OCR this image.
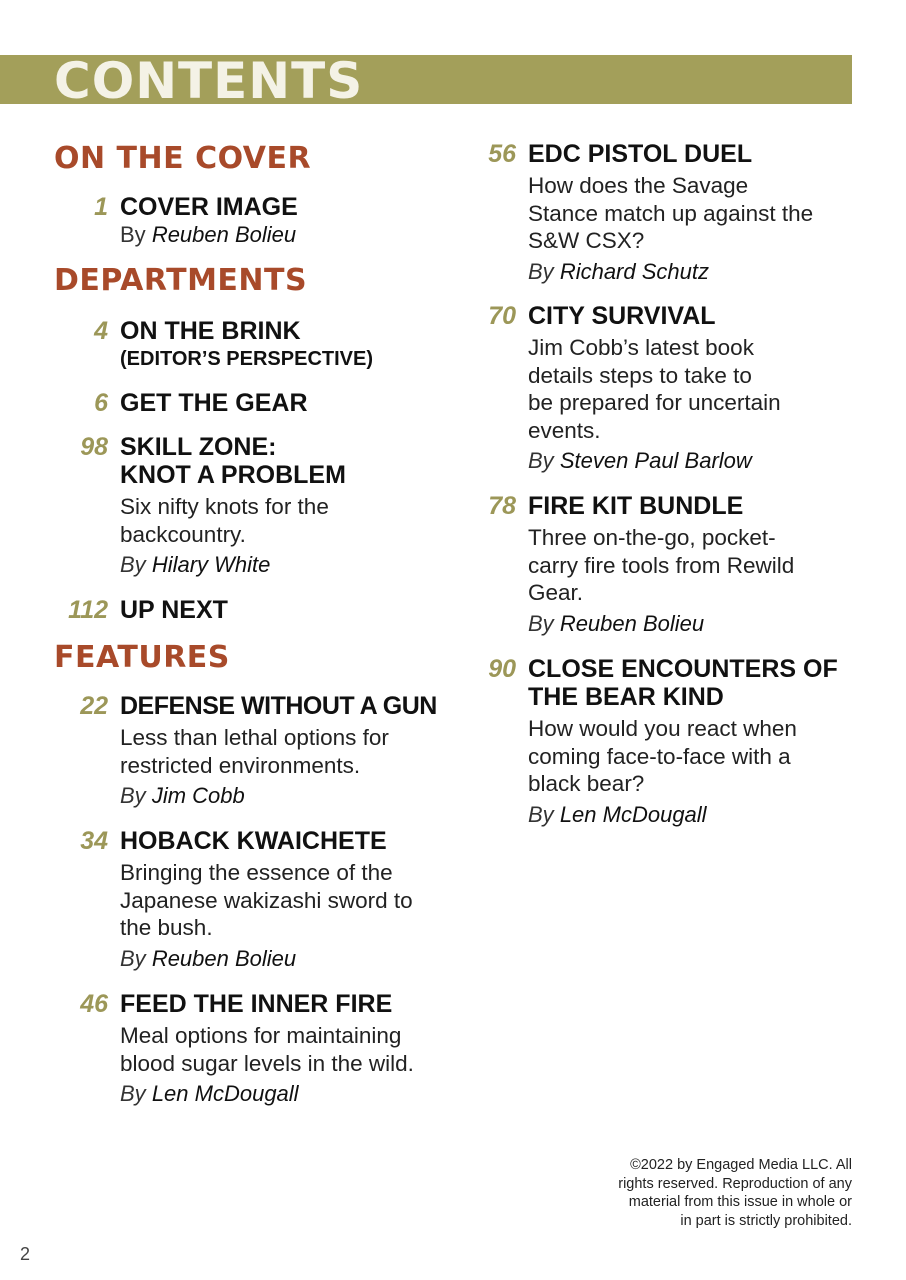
CONTENTS
ON THE COVER
1 COVER IMAGE
By Reuben Bolieu
DEPARTMENTS
4 ON THE BRINK
(EDITOR’S PERSPECTIVE)
6 GET THE GEAR
98 SKILL ZONE:
KNOT A PROBLEM
Six nifty knots for the
backcountry.
By Hilary White
112 UP NEXT
FEATURES
22 DEFENSE WITHOUT A GUN
Less than lethal options for
restricted environments.
By Jim Cobb
34 HOBACK KWAICHETE
Bringing the essence of the
Japanese wakizashi sword to
the bush.
By Reuben Bolieu
46 FEED THE INNER FIRE
Meal options for maintaining
blood sugar levels in the wild.
By Len McDougall
56 EDC PISTOL DUEL
How does the Savage
Stance match up against the
S&W CSX?
By Richard Schutz
70 CITY SURVIVAL
Jim Cobb’s latest book
details steps to take to
be prepared for uncertain
events.
By Steven Paul Barlow
78 FIRE KIT BUNDLE
Three on-the-go, pocket-
carry fire tools from Rewild
Gear.
By Reuben Bolieu
90 CLOSE ENCOUNTERS OF
THE BEAR KIND
How would you react when
coming face-to-face with a
black bear?
By Len McDougall
©2022 by Engaged Media LLC. All
rights reserved. Reproduction of any
material from this issue in whole or
in part is strictly prohibited.
2
